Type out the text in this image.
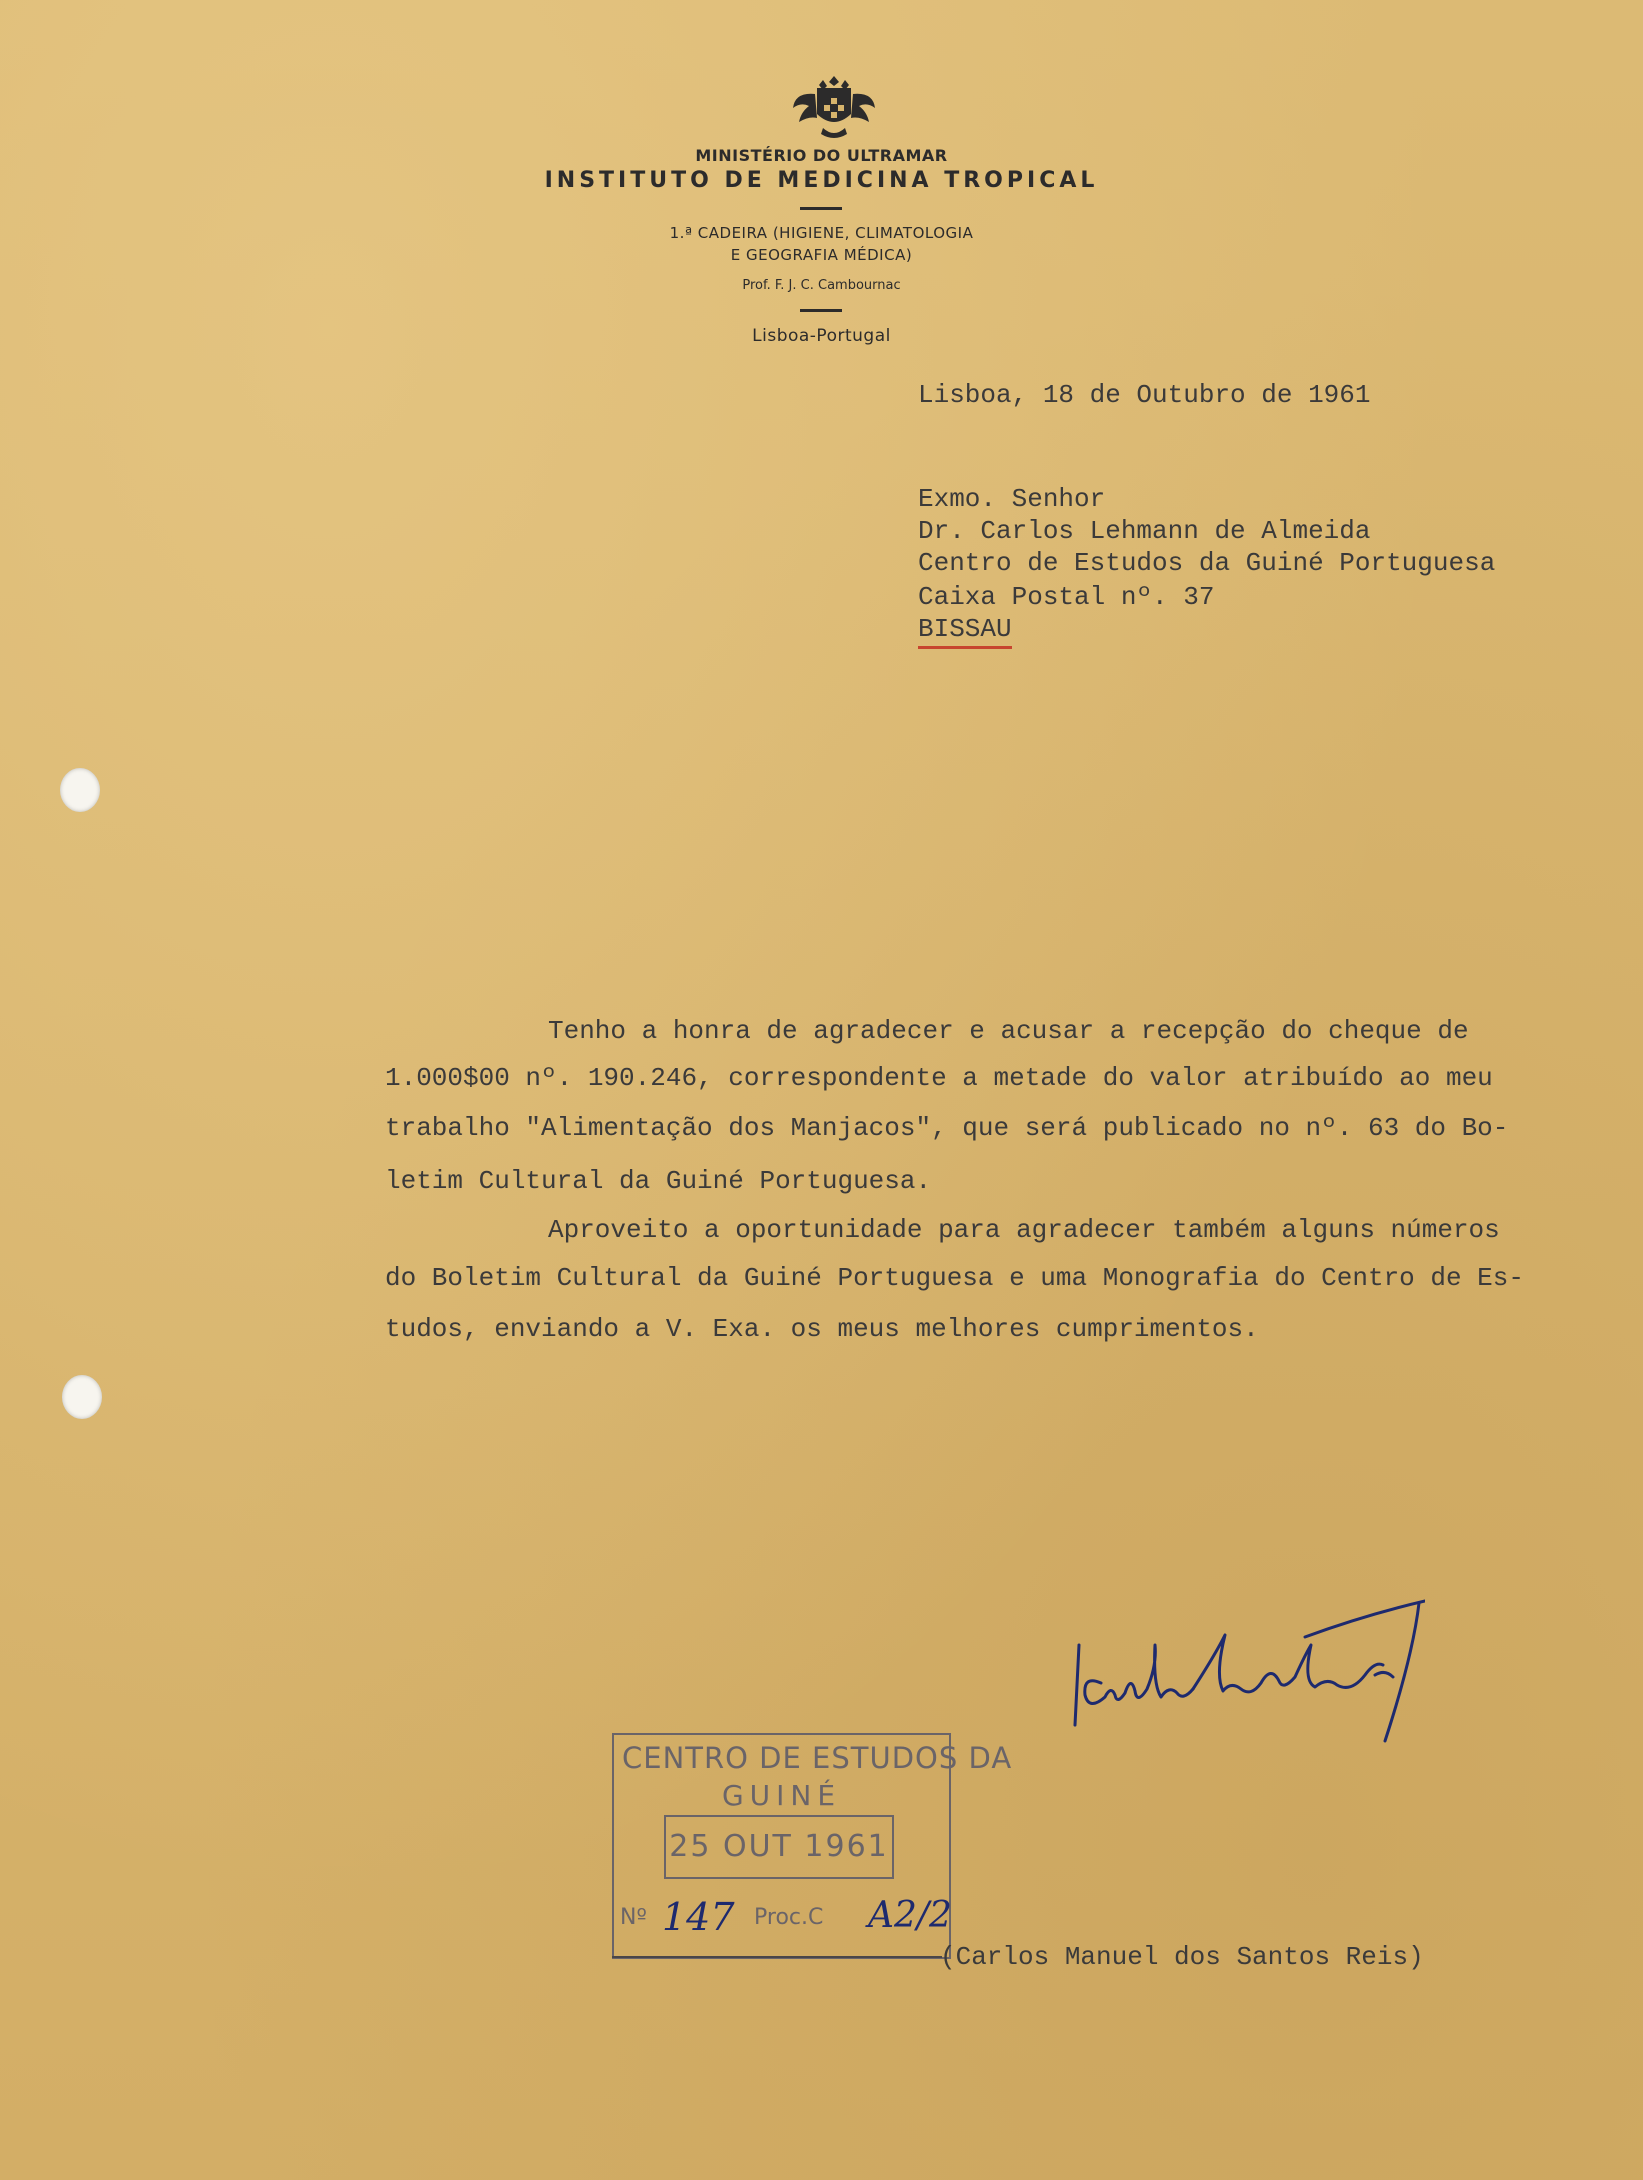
MINISTÉRIO DO ULTRAMAR
INSTITUTO DE MEDICINA TROPICAL
1.ª CADEIRA (HIGIENE, CLIMATOLOGIA
E GEOGRAFIA MÉDICA)
Prof. F. J. C. Cambournac
Lisboa-Portugal
Lisboa, 18 de Outubro de 1961
Exmo. Senhor
Dr. Carlos Lehmann de Almeida
Centro de Estudos da Guiné Portuguesa
Caixa Postal nº. 37
BISSAU
Tenho a honra de agradecer e acusar a recepção do cheque de
1.000$00 nº. 190.246, correspondente a metade do valor atribuído ao meu
trabalho "Alimentação dos Manjacos", que será publicado no nº. 63 do Bo-
letim Cultural da Guiné Portuguesa.
Aproveito a oportunidade para agradecer também alguns números
do Boletim Cultural da Guiné Portuguesa e uma Monografia do Centro de Es-
tudos, enviando a V. Exa. os meus melhores cumprimentos.
CENTRO DE ESTUDOS DA
GUINÉ
25 OUT 1961
Nº 147 Proc.C A2/2
(Carlos Manuel dos Santos Reis)
